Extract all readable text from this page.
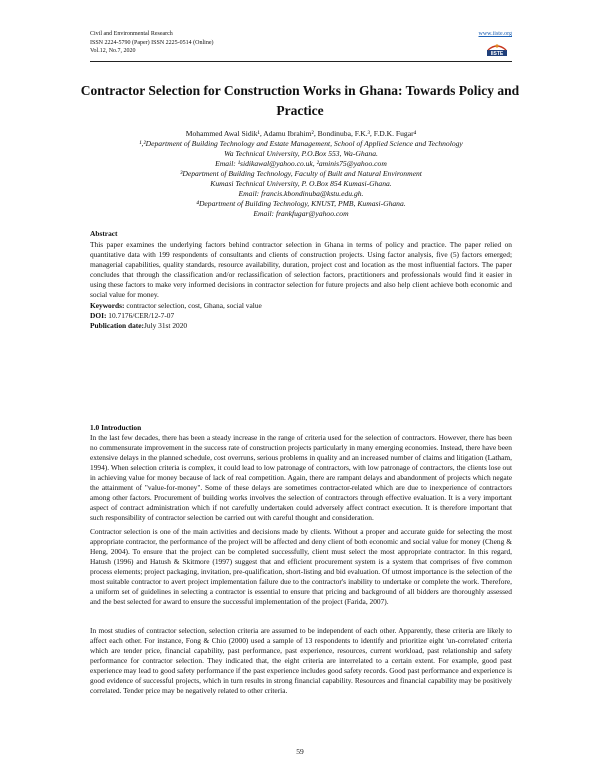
Civil and Environmental Research
ISSN 2224-5790 (Paper) ISSN 2225-0514 (Online)
Vol.12, No.7, 2020
www.iiste.org
IISTE
Contractor Selection for Construction Works in Ghana: Towards Policy and Practice
Mohammed Awal Sidik¹, Adamu Ibrahim², Bondinuba, F.K.³, F.D.K. Fugar⁴
¹,²Department of Building Technology and Estate Management, School of Applied Science and Technology
Wa Technical University, P.O.Box 553, Wa-Ghana.
Email: ¹sidikawal@yahoo.co.uk, ²aminis75@yahoo.com
³Department of Building Technology, Faculty of Built and Natural Environment
Kumasi Technical University, P. O.Box 854 Kumasi-Ghana.
Email: francis.kbondinuba@kstu.edu.gh.
⁴Department of Building Technology, KNUST, PMB, Kumasi-Ghana.
Email: frankfugar@yahoo.com
Abstract
This paper examines the underlying factors behind contractor selection in Ghana in terms of policy and practice. The paper relied on quantitative data with 199 respondents of consultants and clients of construction projects. Using factor analysis, five (5) factors emerged; managerial capabilities, quality standards, resource availability, duration, project cost and location as the most influential factors. The paper concludes that through the classification and/or reclassification of selection factors, practitioners and professionals would find it easier in using these factors to make very informed decisions in contractor selection for future projects and also help client achieve both economic and social value for money.
Keywords: contractor selection, cost, Ghana, social value
DOI: 10.7176/CER/12-7-07
Publication date:July 31st 2020
1.0 Introduction
In the last few decades, there has been a steady increase in the range of criteria used for the selection of contractors. However, there has been no commensurate improvement in the success rate of construction projects particularly in many emerging economies. Instead, there have been extensive delays in the planned schedule, cost overruns, serious problems in quality and an increased number of claims and litigation (Latham, 1994). When selection criteria is complex, it could lead to low patronage of contractors, with low patronage of contractors, the clients lose out in achieving value for money because of lack of real competition. Again, there are rampant delays and abandonment of projects which negate the attainment of "value-for-money". Some of these delays are sometimes contractor-related which are due to inexperience of contractors among other factors. Procurement of building works involves the selection of contractors through effective evaluation. It is a very important aspect of contract administration which if not carefully undertaken could adversely affect contract execution. It is therefore important that such responsibility of contractor selection be carried out with careful thought and consideration.
Contractor selection is one of the main activities and decisions made by clients. Without a proper and accurate guide for selecting the most appropriate contractor, the performance of the project will be affected and deny client of both economic and social value for money (Cheng & Heng, 2004). To ensure that the project can be completed successfully, client must select the most appropriate contractor. In this regard, Hatush (1996) and Hatush & Skitmore (1997) suggest that and efficient procurement system is a system that comprises of five common process elements; project packaging, invitation, pre-qualification, short-listing and bid evaluation. Of utmost importance is the selection of the most suitable contractor to avert project implementation failure due to the contractor's inability to undertake or complete the work. Therefore, a uniform set of guidelines in selecting a contractor is essential to ensure that pricing and background of all bidders are thoroughly assessed and the best selected for award to ensure the successful implementation of the project (Farida, 2007).
In most studies of contractor selection, selection criteria are assumed to be independent of each other. Apparently, these criteria are likely to affect each other. For instance, Fong & Chio (2000) used a sample of 13 respondents to identify and prioritize eight 'un-correlated' criteria which are tender price, financial capability, past performance, past experience, resources, current workload, past relationship and safety performance for contractor selection. They indicated that, the eight criteria are interrelated to a certain extent. For example, good past experience may lead to good safety performance if the past experience includes good safety records. Good past performance and experience is good evidence of successful projects, which in turn results in strong financial capability. Resources and financial capability may be positively correlated. Tender price may be negatively related to other criteria.
59
